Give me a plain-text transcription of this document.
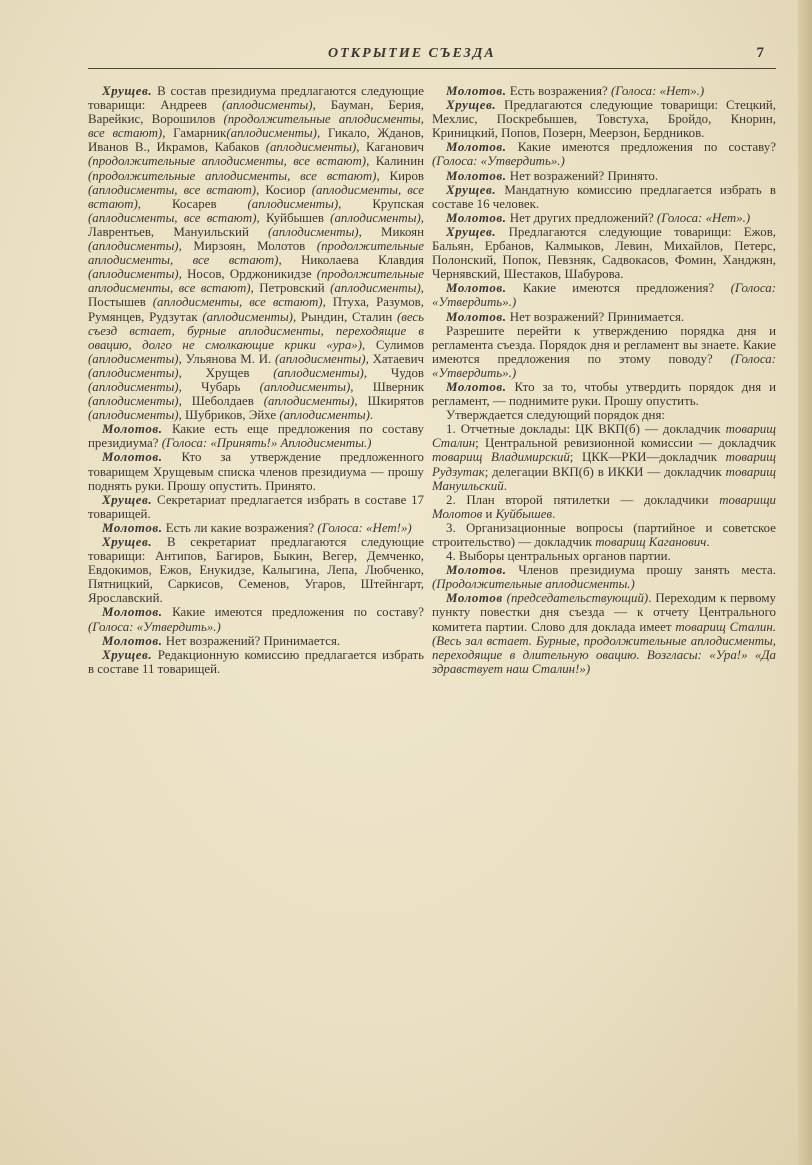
ОТКРЫТИЕ СЪЕЗДА	7

Хрущев. В состав президиума предлагаются следующие товарищи: Андреев (аплодисменты), Бауман, Берия, Варейкис, Ворошилов (продолжительные аплодисменты, все встают), Гамарник(аплодисменты), Гикало, Жданов, Иванов В., Икрамов, Кабаков (аплодисменты), Каганович (продолжительные аплодисменты, все встают), Калинин (продолжительные аплодисменты, все встают), Киров (аплодисменты, все встают), Косиор (аплодисменты, все встают), Косарев (аплодисменты), Крупская (аплодисменты, все встают), Куйбышев (аплодисменты), Лаврентьев, Мануильский (аплодисменты), Микоян (аплодисменты), Мирзоян, Молотов (продолжительные аплодисменты, все встают), Николаева Клавдия (аплодисменты), Носов, Орджоникидзе (продолжительные аплодисменты, все встают), Петровский (аплодисменты), Постышев (аплодисменты, все встают), Птуха, Разумов, Румянцев, Рудзутак (аплодисменты), Рындин, Сталин (весь съезд встает, бурные аплодисменты, переходящие в овацию, долго не смолкающие крики «ура»), Сулимов (аплодисменты), Ульянова М. И. (аплодисменты), Хатаевич (аплодисменты), Хрущев (аплодисменты), Чудов (аплодисменты), Чубарь (аплодисменты), Шверник (аплодисменты), Шеболдаев (аплодисменты), Шкирятов (аплодисменты), Шубриков, Эйхе (аплодисменты).

Молотов. Какие есть еще предложения по составу президиума? (Голоса: «Принять!» Аплодисменты.)

Молотов. Кто за утверждение предложенного товарищем Хрущевым списка членов президиума — прошу поднять руки. Прошу опустить. Принято.

Хрущев. Секретариат предлагается избрать в составе 17 товарищей.

Молотов. Есть ли какие возражения? (Голоса: «Нет!»)

Хрущев. В секретариат предлагаются следующие товарищи: Антипов, Багиров, Быкин, Вегер, Демченко, Евдокимов, Ежов, Енукидзе, Калыгина, Лепа, Любченко, Пятницкий, Саркисов, Семенов, Угаров, Штейнгарт, Ярославский.

Молотов. Какие имеются предложения по составу? (Голоса: «Утвердить».)

Молотов. Нет возражений? Принимается.

Хрущев. Редакционную комиссию предлагается избрать в составе 11 товарищей.

Молотов. Есть возражения? (Голоса: «Нет».)

Хрущев. Предлагаются следующие товарищи: Стецкий, Мехлис, Поскребышев, Товстуха, Бройдо, Кнорин, Криницкий, Попов, Позерн, Меерзон, Бердников.

Молотов. Какие имеются предложения по составу? (Голоса: «Утвердить».)

Молотов. Нет возражений? Принято.

Хрущев. Мандатную комиссию предлагается избрать в составе 16 человек.

Молотов. Нет других предложений? (Голоса: «Нет».)

Хрущев. Предлагаются следующие товарищи: Ежов, Бальян, Ербанов, Калмыков, Левин, Михайлов, Петерс, Полонский, Попок, Певзняк, Садвокасов, Фомин, Ханджян, Чернявский, Шестаков, Шабурова.

Молотов. Какие имеются предложения? (Голоса: «Утвердить».)

Молотов. Нет возражений? Принимается.

Разрешите перейти к утверждению порядка дня и регламента съезда. Порядок дня и регламент вы знаете. Какие имеются предложения по этому поводу? (Голоса: «Утвердить».)

Молотов. Кто за то, чтобы утвердить порядок дня и регламент, — поднимите руки. Прошу опустить.

Утверждается следующий порядок дня:

1. Отчетные доклады: ЦК ВКП(б) — докладчик товарищ Сталин; Центральной ревизионной комиссии — докладчик товарищ Владимирский; ЦКК—РКИ—докладчик товарищ Рудзутак; делегации ВКП(б) в ИККИ — докладчик товарищ Мануильский.

2. План второй пятилетки — докладчики товарищи Молотов и Куйбышев.

3. Организационные вопросы (партийное и советское строительство) — докладчик товарищ Каганович.

4. Выборы центральных органов партии.

Молотов. Членов президиума прошу занять места. (Продолжительные аплодисменты.)

Молотов (председательствующий). Переходим к первому пункту повестки дня съезда — к отчету Центрального комитета партии. Слово для доклада имеет товарищ Сталин. (Весь зал встает. Бурные, продолжительные аплодисменты, переходящие в длительную овацию. Возгласы: «Ура!» «Да здравствует наш Сталин!»)
